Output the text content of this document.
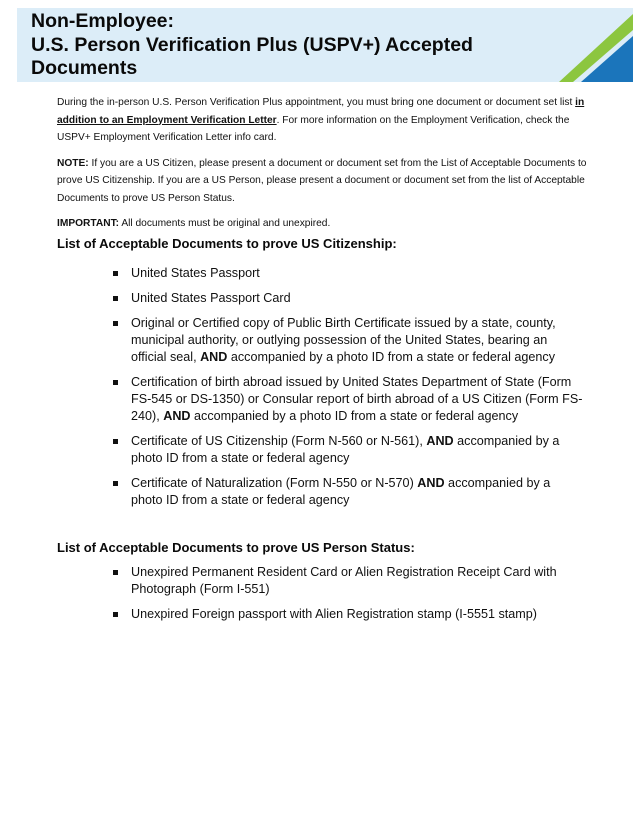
Non-Employee:
U.S. Person Verification Plus (USPV+) Accepted
Documents

During the in-person U.S. Person Verification Plus appointment, you must bring one document or document set list in addition to an Employment Verification Letter. For more information on the Employment Verification, check the USPV+ Employment Verification Letter info card.

NOTE: If you are a US Citizen, please present a document or document set from the List of Acceptable Documents to prove US Citizenship. If you are a US Person, please present a document or document set from the list of Acceptable Documents to prove US Person Status.

IMPORTANT: All documents must be original and unexpired.

List of Acceptable Documents to prove US Citizenship:
United States Passport
United States Passport Card
Original or Certified copy of Public Birth Certificate issued by a state, county, municipal authority, or outlying possession of the United States, bearing an official seal, AND accompanied by a photo ID from a state or federal agency
Certification of birth abroad issued by United States Department of State (Form FS-545 or DS-1350) or Consular report of birth abroad of a US Citizen (Form FS-240), AND accompanied by a photo ID from a state or federal agency
Certificate of US Citizenship (Form N-560 or N-561), AND accompanied by a photo ID from a state or federal agency
Certificate of Naturalization (Form N-550 or N-570) AND accompanied by a photo ID from a state or federal agency
List of Acceptable Documents to prove US Person Status:
Unexpired Permanent Resident Card or Alien Registration Receipt Card with Photograph (Form I-551)
Unexpired Foreign passport with Alien Registration stamp (I-5551 stamp)
